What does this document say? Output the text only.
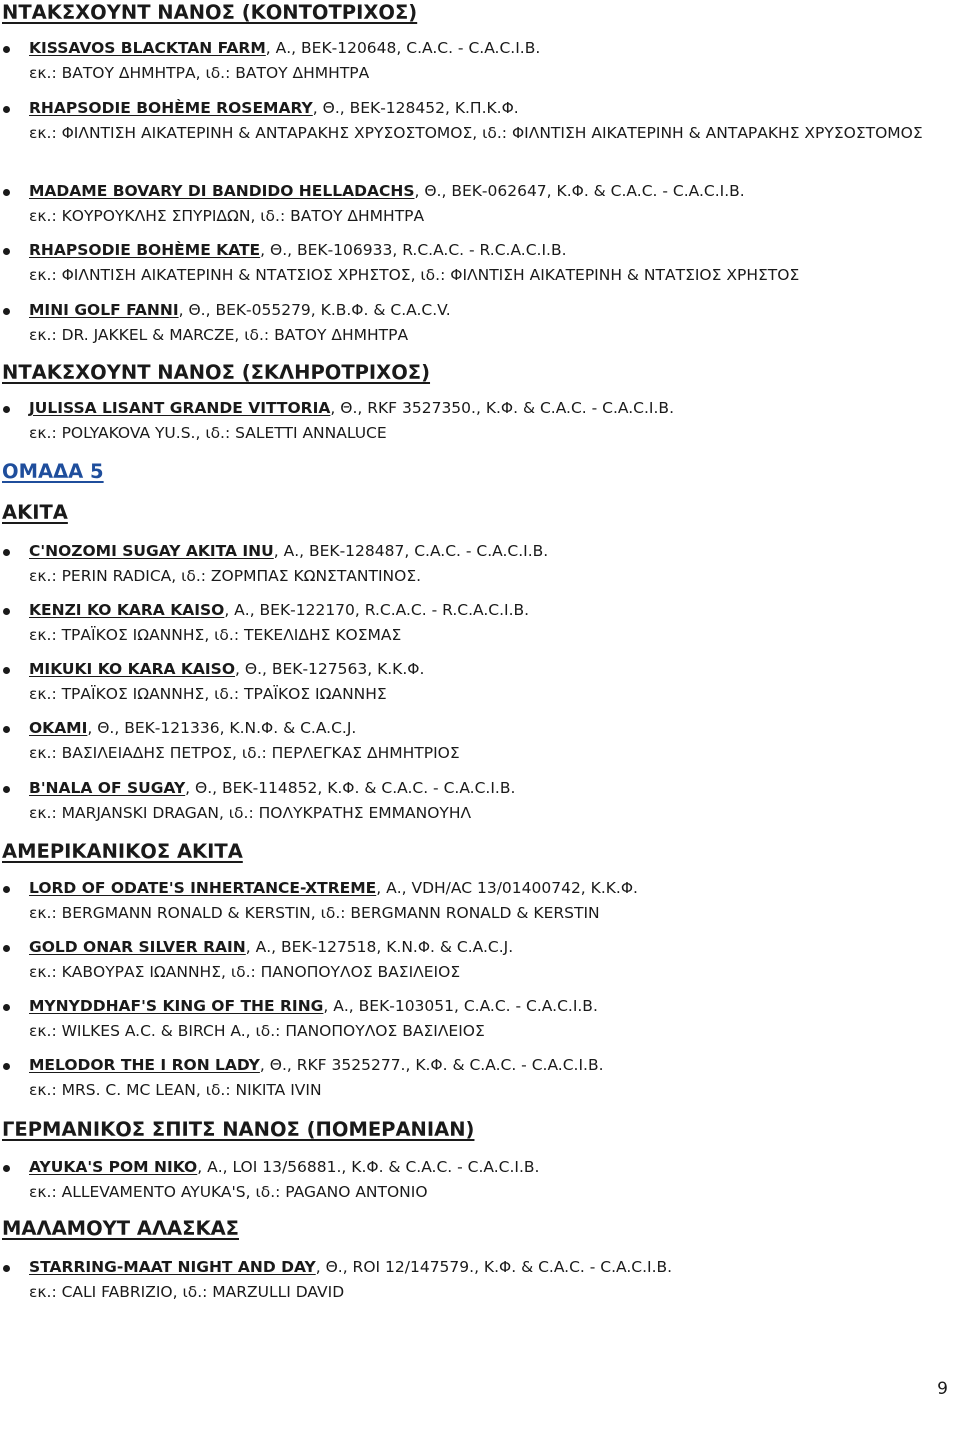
ΝΤΑΚΣΧΟΥΝΤ ΝΑΝΟΣ (ΚΟΝΤΟΤΡΙΧΟΣ)
KISSAVOS BLACKTAN FARM, Α., ΒΕΚ-120648, C.A.C. - C.A.C.I.B.
εκ.: ΒΑΤΟΥ ΔΗΜΗΤΡΑ, ιδ.: ΒΑΤΟΥ ΔΗΜΗΤΡΑ
RHAPSODIE BOHÈME ROSEMARY, Θ., ΒΕΚ-128452, Κ.Π.Κ.Φ.
εκ.: ΦΙΛΝΤΙΣΗ ΑΙΚΑΤΕΡΙΝΗ & ΑΝΤΑΡΑΚΗΣ ΧΡΥΣΟΣΤΟΜΟΣ, ιδ.: ΦΙΛΝΤΙΣΗ ΑΙΚΑΤΕΡΙΝΗ & ΑΝΤΑΡΑΚΗΣ ΧΡΥΣΟΣΤΟΜΟΣ
MADAME BOVARY DI BANDIDO HELLADACHS, Θ., ΒΕΚ-062647, Κ.Φ. & C.A.C. - C.A.C.I.B.
εκ.: ΚΟΥΡΟΥΚΛΗΣ ΣΠΥΡΙΔΩΝ, ιδ.: ΒΑΤΟΥ ΔΗΜΗΤΡΑ
RHAPSODIE BOHÈME KATE, Θ., ΒΕΚ-106933, R.C.A.C. - R.C.A.C.I.B.
εκ.: ΦΙΛΝΤΙΣΗ ΑΙΚΑΤΕΡΙΝΗ & ΝΤΑΤΣΙΟΣ ΧΡΗΣΤΟΣ, ιδ.: ΦΙΛΝΤΙΣΗ ΑΙΚΑΤΕΡΙΝΗ & ΝΤΑΤΣΙΟΣ ΧΡΗΣΤΟΣ
MINI GOLF FANNI, Θ., ΒΕΚ-055279, Κ.Β.Φ. & C.A.C.V.
εκ.: DR. JAKKEL & MARCZE, ιδ.: ΒΑΤΟΥ ΔΗΜΗΤΡΑ
ΝΤΑΚΣΧΟΥΝΤ ΝΑΝΟΣ (ΣΚΛΗΡΟΤΡΙΧΟΣ)
JULISSA LISANT GRANDE VITTORIA, Θ., RKF 3527350., Κ.Φ. & C.A.C. - C.A.C.I.B.
εκ.: POLYAKOVA YU.S., ιδ.: SALETTI ANNALUCE
ΟΜΑΔΑ 5
ΑΚΙΤΑ
C'NOZOMI SUGAY AKITA INU, Α., ΒΕΚ-128487, C.A.C. - C.A.C.I.B.
εκ.: PERIN RADICA, ιδ.: ΖΟΡΜΠΑΣ ΚΩΝΣΤΑΝΤΙΝΟΣ.
KENZI KO KARA KAISO, Α., ΒΕΚ-122170, R.C.A.C. - R.C.A.C.I.B.
εκ.: ΤΡΑΪΚΟΣ ΙΩΑΝΝΗΣ, ιδ.: ΤΕΚΕΛΙΔΗΣ ΚΟΣΜΑΣ
MIKUKI KO KARA KAISO, Θ., ΒΕΚ-127563, Κ.Κ.Φ.
εκ.: ΤΡΑΪΚΟΣ ΙΩΑΝΝΗΣ, ιδ.: ΤΡΑΪΚΟΣ ΙΩΑΝΝΗΣ
OKAMI, Θ., ΒΕΚ-121336, Κ.Ν.Φ. & C.A.C.J.
εκ.: ΒΑΣΙΛΕΙΑΔΗΣ ΠΕΤΡΟΣ, ιδ.: ΠΕΡΛΕΓΚΑΣ ΔΗΜΗΤΡΙΟΣ
B'NALA OF SUGAY, Θ., ΒΕΚ-114852, Κ.Φ. & C.A.C. - C.A.C.I.B.
εκ.: MARJANSKI DRAGAN, ιδ.: ΠΟΛΥΚΡΑΤΗΣ ΕΜΜΑΝΟΥΗΛ
ΑΜΕΡΙΚΑΝΙΚΟΣ ΑΚΙΤΑ
LORD OF ODATE'S INHERTANCE-XTREME, Α., VDH/AC 13/01400742, Κ.Κ.Φ.
εκ.: BERGMANN RONALD & KERSTIN, ιδ.: BERGMANN RONALD & KERSTIN
GOLD ONAR SILVER RAIN, Α., ΒΕΚ-127518, Κ.Ν.Φ. & C.A.C.J.
εκ.: ΚΑΒΟΥΡΑΣ ΙΩΑΝΝΗΣ, ιδ.: ΠΑΝΟΠΟΥΛΟΣ ΒΑΣΙΛΕΙΟΣ
MYNYDDHAF'S KING OF THE RING, Α., ΒΕΚ-103051, C.A.C. - C.A.C.I.B.
εκ.: WILKES A.C. & BIRCH A., ιδ.: ΠΑΝΟΠΟΥΛΟΣ ΒΑΣΙΛΕΙΟΣ
MELODOR THE I RON LADY, Θ., RKF 3525277., Κ.Φ. & C.A.C. - C.A.C.I.B.
εκ.: MRS. C. MC LEAN, ιδ.: NIKITA IVIN
ΓΕΡΜΑΝΙΚΟΣ ΣΠΙΤΣ ΝΑΝΟΣ (ΠΟΜΕΡΑΝΙΑΝ)
AYUKA'S POM NIKO, Α., LOI 13/56881., Κ.Φ. & C.A.C. - C.A.C.I.B.
εκ.: ALLEVAMENTO AYUKA'S, ιδ.: PAGANO ANTONIO
ΜΑΛΑΜΟΥΤ ΑΛΑΣΚΑΣ
STARRING-MAAT NIGHT AND DAY, Θ., ROI 12/147579., Κ.Φ. & C.A.C. - C.A.C.I.B.
εκ.: CALI FABRIZIO, ιδ.: MARZULLI DAVID
9
